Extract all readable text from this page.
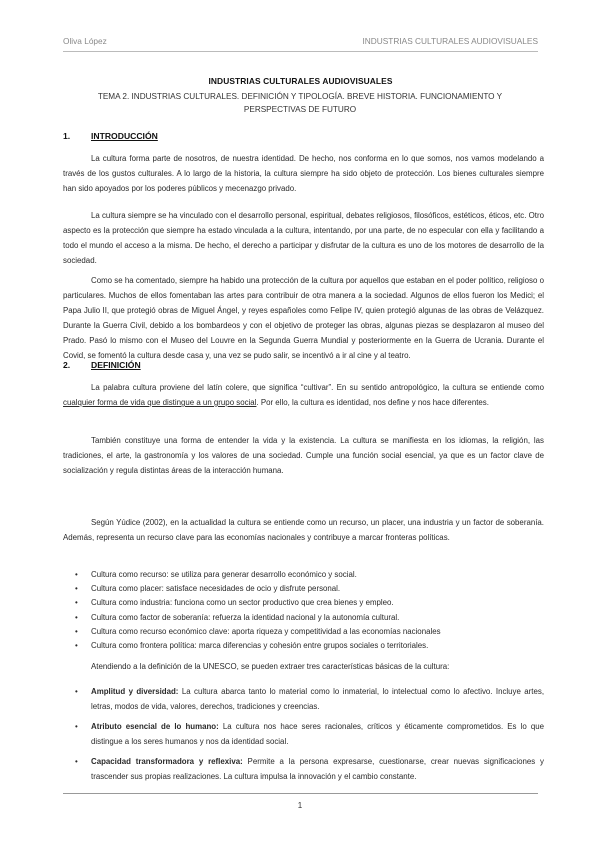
Oliva López	INDUSTRIAS CULTURALES AUDIOVISUALES
INDUSTRIAS CULTURALES AUDIOVISUALES
TEMA 2. INDUSTRIAS CULTURALES. DEFINICIÓN Y TIPOLOGÍA. BREVE HISTORIA. FUNCIONAMIENTO Y PERSPECTIVAS DE FUTURO
1. INTRODUCCIÓN

La cultura forma parte de nosotros, de nuestra identidad. De hecho, nos conforma en lo que somos, nos vamos modelando a través de los gustos culturales. A lo largo de la historia, la cultura siempre ha sido objeto de protección. Los bienes culturales siempre han sido apoyados por los poderes públicos y mecenazgo privado.

La cultura siempre se ha vinculado con el desarrollo personal, espiritual, debates religiosos, filosóficos, estéticos, éticos, etc. Otro aspecto es la protección que siempre ha estado vinculada a la cultura, intentando, por una parte, de no especular con ella y facilitando a todo el mundo el acceso a la misma. De hecho, el derecho a participar y disfrutar de la cultura es uno de los motores de desarrollo de la sociedad.

Como se ha comentado, siempre ha habido una protección de la cultura por aquellos que estaban en el poder político, religioso o particulares. Muchos de ellos fomentaban las artes para contribuir de otra manera a la sociedad. Algunos de ellos fueron los Medici; el Papa Julio II, que protegió obras de Miguel Ángel, y reyes españoles como Felipe IV, quien protegió algunas de las obras de Velázquez. Durante la Guerra Civil, debido a los bombardeos y con el objetivo de proteger las obras, algunas piezas se desplazaron al museo del Prado. Pasó lo mismo con el Museo del Louvre en la Segunda Guerra Mundial y posteriormente en la Guerra de Ucrania. Durante el Covid, se fomentó la cultura desde casa y, una vez se pudo salir, se incentivó a ir al cine y al teatro.

2. DEFINICIÓN

La palabra cultura proviene del latín colere, que significa “cultivar”. En su sentido antropológico, la cultura se entiende como cualquier forma de vida que distingue a un grupo social. Por ello, la cultura es identidad, nos define y nos hace diferentes.

También constituye una forma de entender la vida y la existencia. La cultura se manifiesta en los idiomas, la religión, las tradiciones, el arte, la gastronomía y los valores de una sociedad. Cumple una función social esencial, ya que es un factor clave de socialización y regula distintas áreas de la interacción humana.

Según Yúdice (2002), en la actualidad la cultura se entiende como un recurso, un placer, una industria y un factor de soberanía. Además, representa un recurso clave para las economías nacionales y contribuye a marcar fronteras políticas.

• Cultura como recurso: se utiliza para generar desarrollo económico y social.
• Cultura como placer: satisface necesidades de ocio y disfrute personal.
• Cultura como industria: funciona como un sector productivo que crea bienes y empleo.
• Cultura como factor de soberanía: refuerza la identidad nacional y la autonomía cultural.
• Cultura como recurso económico clave: aporta riqueza y competitividad a las economías nacionales
• Cultura como frontera política: marca diferencias y cohesión entre grupos sociales o territoriales.

Atendiendo a la definición de la UNESCO, se pueden extraer tres características básicas de la cultura:

• Amplitud y diversidad: La cultura abarca tanto lo material como lo inmaterial, lo intelectual como lo afectivo. Incluye artes, letras, modos de vida, valores, derechos, tradiciones y creencias.
• Atributo esencial de lo humano: La cultura nos hace seres racionales, críticos y éticamente comprometidos. Es lo que distingue a los seres humanos y nos da identidad social.
• Capacidad transformadora y reflexiva: Permite a la persona expresarse, cuestionarse, crear nuevas significaciones y trascender sus propias realizaciones. La cultura impulsa la innovación y el cambio constante.
1
